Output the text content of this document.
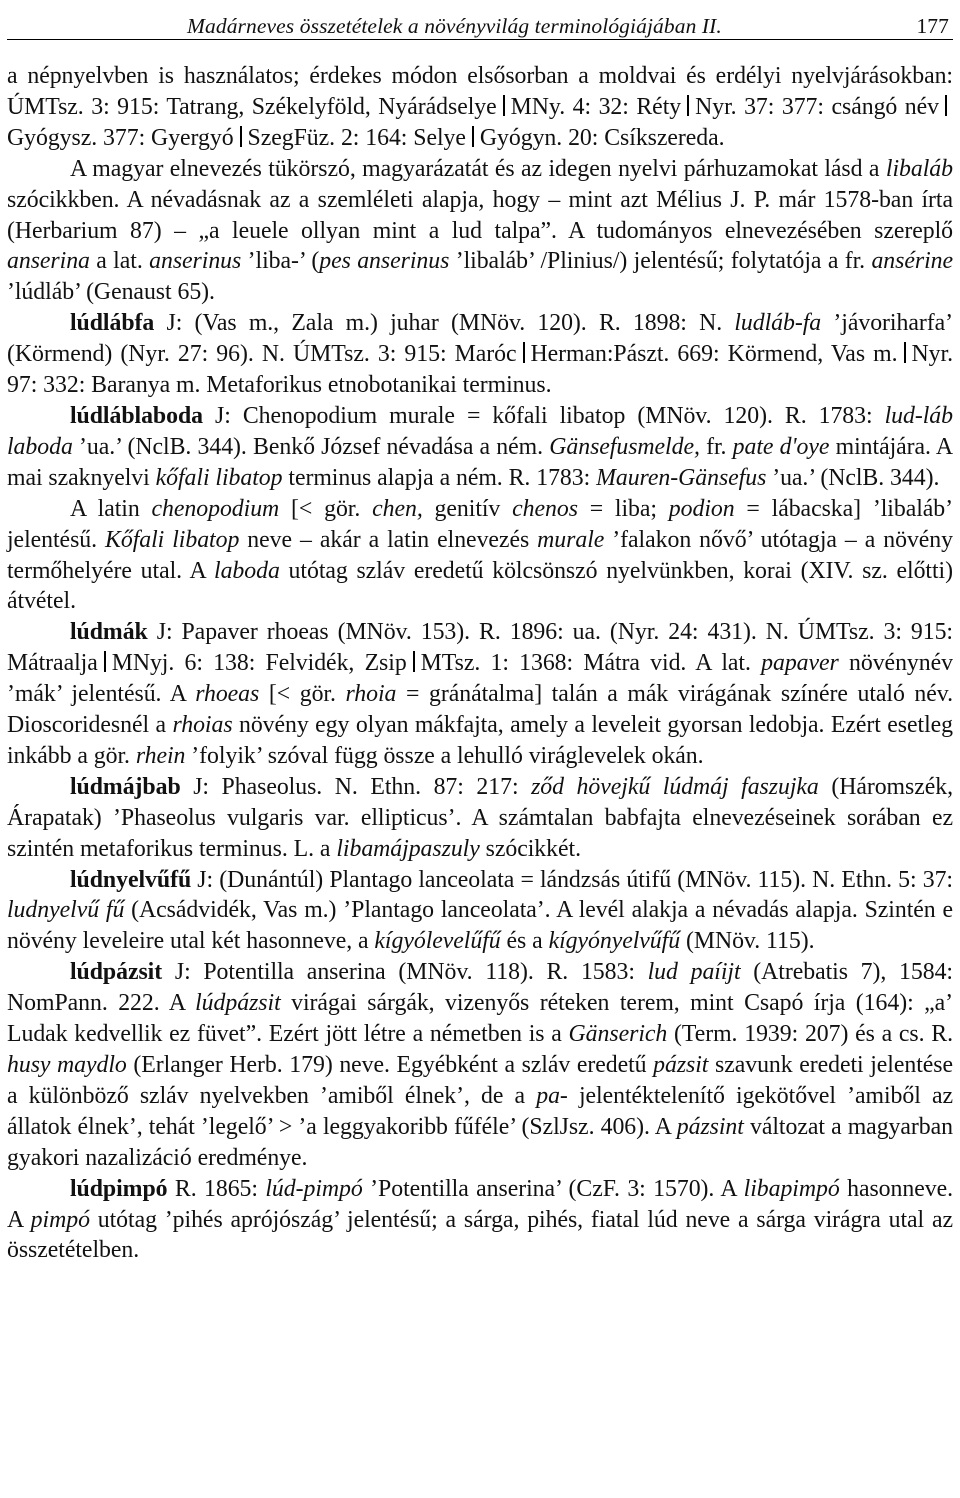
Madárneves összetételek a növényvilág terminológiájában II.	177

a népnyelvben is használatos; érdekes módon elsősorban a moldvai és erdélyi nyelvjárásokban: ÚMTsz. 3: 915: Tatrang, Székelyföld, Nyárádselye MNy. 4: 32: Réty Nyr. 37: 377: csángó névGyógysz. 377: Gyergyó SzegFüz. 2: 164: Selye Gyógyn. 20: Csíkszereda.

A magyar elnevezés tükörszó, magyarázatát és az idegen nyelvi párhuzamokat lásd a libaláb szócikkben. A névadásnak az a szemléleti alapja, hogy – mint azt Mélius J. P. már 1578-ban írta (Herbarium 87) – „a leuele ollyan mint a lud talpa”. A tudományos elnevezésében szereplő anserina a lat. anserinus ’liba-’ (pes anserinus ’libaláb’ /Plinius/) jelentésű; folytatója a fr. ansérine ’lúdláb’ (Genaust 65).

lúdlábfa J: (Vas m., Zala m.) juhar (MNöv. 120). R. 1898: N. ludláb-fa ’jávoriharfa’ (Körmend) (Nyr. 27: 96). N. ÚMTsz. 3: 915: Maróc Herman:Pászt. 669: Körmend, Vas m. Nyr. 97: 332: Baranya m. Metaforikus etnobotanikai terminus.

lúdláblaboda J: Chenopodium murale = kőfali libatop (MNöv. 120). R. 1783: lud-láb laboda ’ua.’ (NclB. 344). Benkő József névadása a ném. Gänsefusmelde, fr. pate d'oye mintájára. A mai szaknyelvi kőfali libatop terminus alapja a ném. R. 1783: Mauren-Gänsefus ’ua.’ (NclB. 344).

A latin chenopodium [< gör. chen, genitív chenos = liba; podion = lábacska] ’libaláb’ jelentésű. Kőfali libatop neve – akár a latin elnevezés murale ’falakon nővő’ utótagja – a növény termőhelyére utal. A laboda utótag szláv eredetű kölcsönszó nyelvünkben, korai (XIV. sz. előtti) átvétel.

lúdmák J: Papaver rhoeas (MNöv. 153). R. 1896: ua. (Nyr. 24: 431). N. ÚMTsz. 3: 915: Mátraalja MNyj. 6: 138: Felvidék, Zsip MTsz. 1: 1368: Mátra vid. A lat. papaver növénynév ’mák’ jelentésű. A rhoeas [< gör. rhoia = gránátalma] talán a mák virágának színére utaló név. Dioscoridesnél a rhoias növény egy olyan mákfajta, amely a leveleit gyorsan ledobja. Ezért esetleg inkább a gör. rhein ’folyik’ szóval függ össze a lehulló viráglevelek okán.

lúdmájbab J: Phaseolus. N. Ethn. 87: 217: ződ hövejkű lúdmáj faszujka (Háromszék, Árapatak) ’Phaseolus vulgaris var. ellipticus’. A számtalan babfajta elnevezéseinek sorában ez szintén metaforikus terminus. L. a libamájpaszuly szócikkét.

lúdnyelvűfű J: (Dunántúl) Plantago lanceolata = lándzsás útifű (MNöv. 115). N. Ethn. 5: 37: ludnyelvű fű (Acsádvidék, Vas m.) ’Plantago lanceolata’. A levél alakja a névadás alapja. Szintén e növény leveleire utal két hasonneve, a kígyólevelűfű és a kígyónyelvűfű (MNöv. 115).

lúdpázsit J: Potentilla anserina (MNöv. 118). R. 1583: lud paíijt (Atrebatis 7), 1584: NomPann. 222. A lúdpázsit virágai sárgák, vizenyős réteken terem, mint Csapó írja (164): „a’ Ludak kedvellik ez füvet”. Ezért jött létre a németben is a Gänserich (Term. 1939: 207) és a cs. R. husy maydlo (Erlanger Herb. 179) neve. Egyébként a szláv eredetű pázsit szavunk eredeti jelentése a különböző szláv nyelvekben ’amiből élnek’, de a pa- jelentéktelenítő igekötővel ’amiből az állatok élnek’, tehát ’legelő’ > ’a leggyakoribb fűféle’ (SzlJsz. 406). A pázsint változat a magyarban gyakori nazalizáció eredménye.

lúdpimpó R. 1865: lúd-pimpó ’Potentilla anserina’ (CzF. 3: 1570). A libapimpó hasonneve. A pimpó utótag ’pihés aprójószág’ jelentésű; a sárga, pihés, fiatal lúd neve a sárga virágra utal az összetételben.
